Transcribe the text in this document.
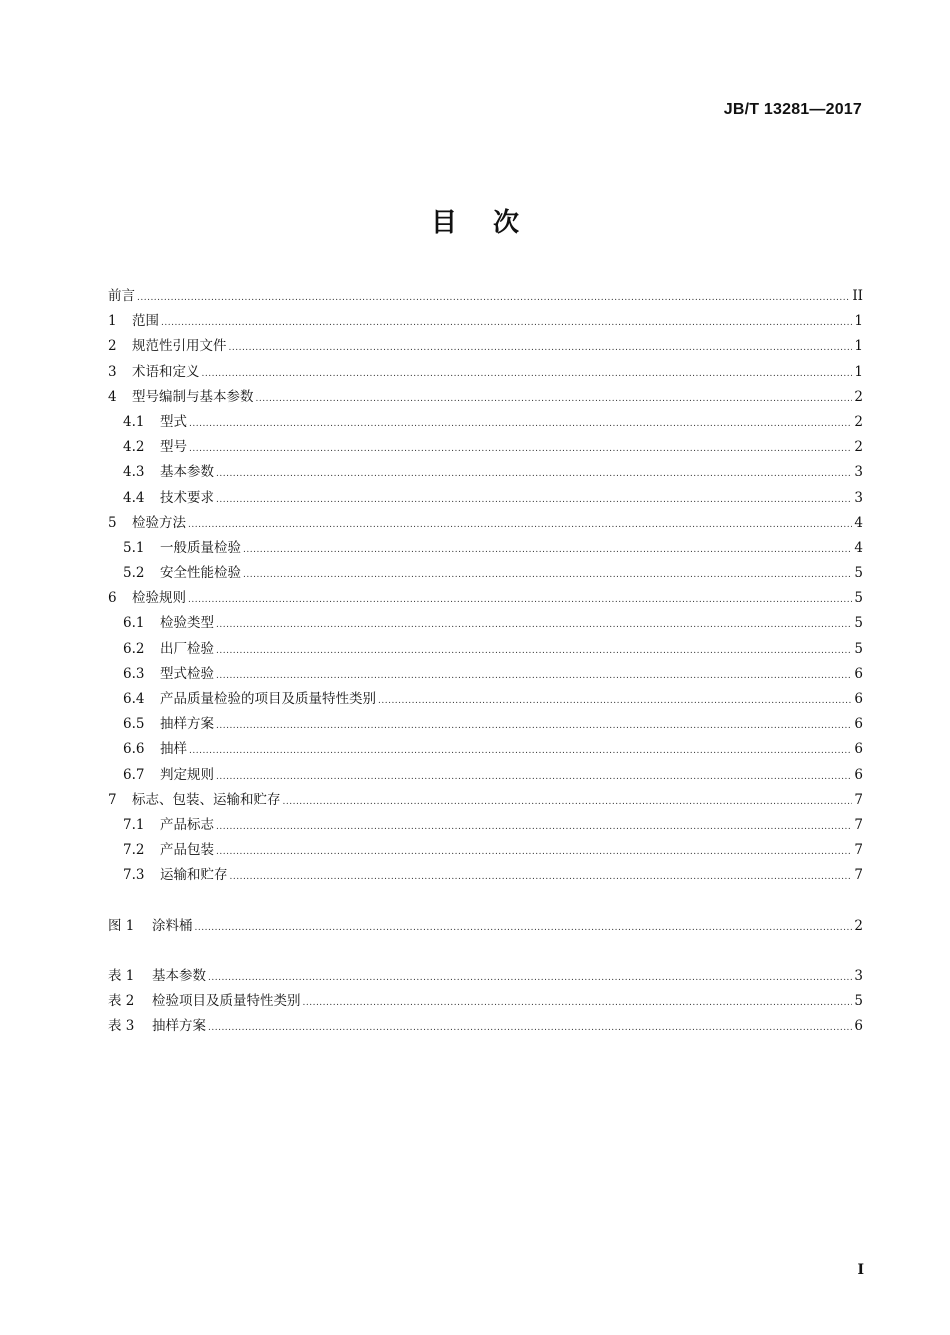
JB/T 13281—2017
目次
前言 .....	II
1	范围 .....	1
2	规范性引用文件 .....	1
3	术语和定义 .....	1
4	型号编制与基本参数 .....	2
4.1	型式 .....	2
4.2	型号 .....	2
4.3	基本参数 .....	3
4.4	技术要求 .....	3
5	检验方法 .....	4
5.1	一般质量检验 .....	4
5.2	安全性能检验 .....	5
6	检验规则 .....	5
6.1	检验类型 .....	5
6.2	出厂检验 .....	5
6.3	型式检验 .....	6
6.4	产品质量检验的项目及质量特性类别 .....	6
6.5	抽样方案 .....	6
6.6	抽样 .....	6
6.7	判定规则 .....	6
7	标志、包装、运输和贮存 .....	7
7.1	产品标志 .....	7
7.2	产品包装 .....	7
7.3	运输和贮存 .....	7
图 1	涂料桶 .....	2
表 1	基本参数 .....	3
表 2	检验项目及质量特性类别 .....	5
表 3	抽样方案 .....	6
I
